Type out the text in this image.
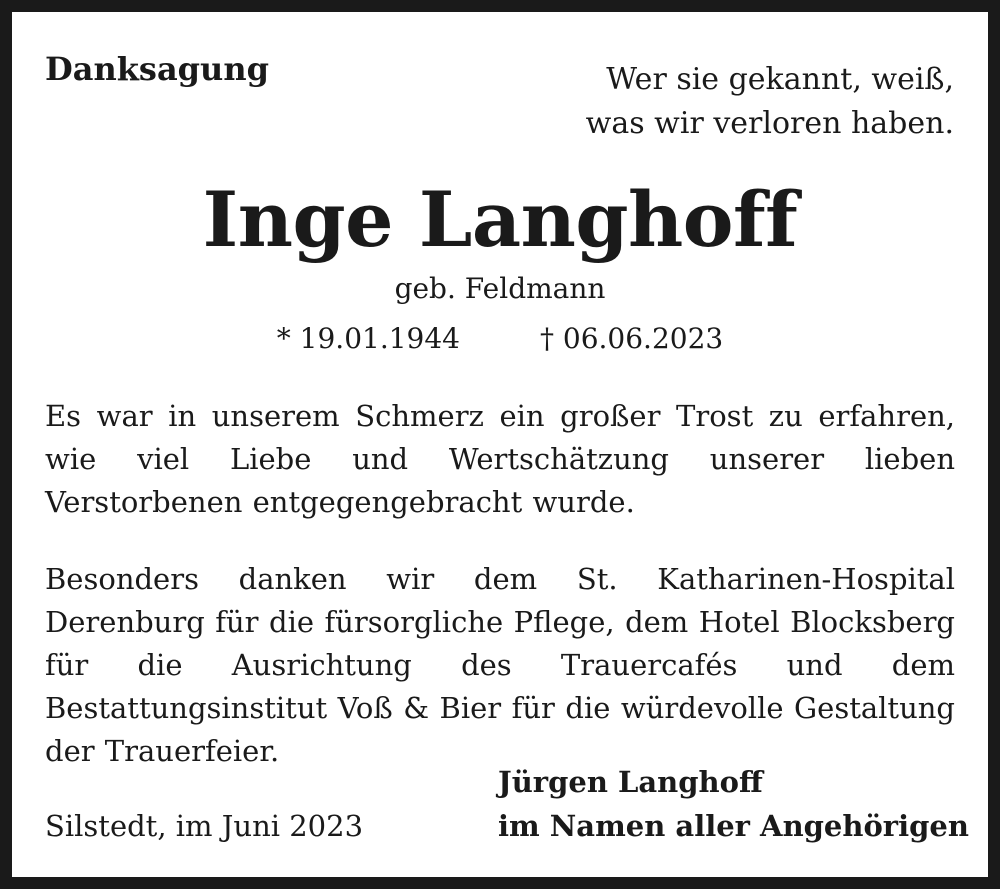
Danksagung	Wer sie gekannt, weiß,
was wir verloren haben.
Inge Langhoff
geb. Feldmann
* 19.01.1944	† 06.06.2023
Es war in unserem Schmerz ein großer Trost zu erfahren, wie viel Liebe und Wertschätzung unserer lieben Verstorbenen entgegengebracht wurde.
Besonders danken wir dem St. Katharinen-Hospital Derenburg für die fürsorgliche Pflege, dem Hotel Blocksberg für die Ausrichtung des Trauercafés und dem Bestattungsinstitut Voß & Bier für die würdevolle Gestaltung der Trauerfeier.
Jürgen Langhoff
im Namen aller Angehörigen
Silstedt, im Juni 2023
